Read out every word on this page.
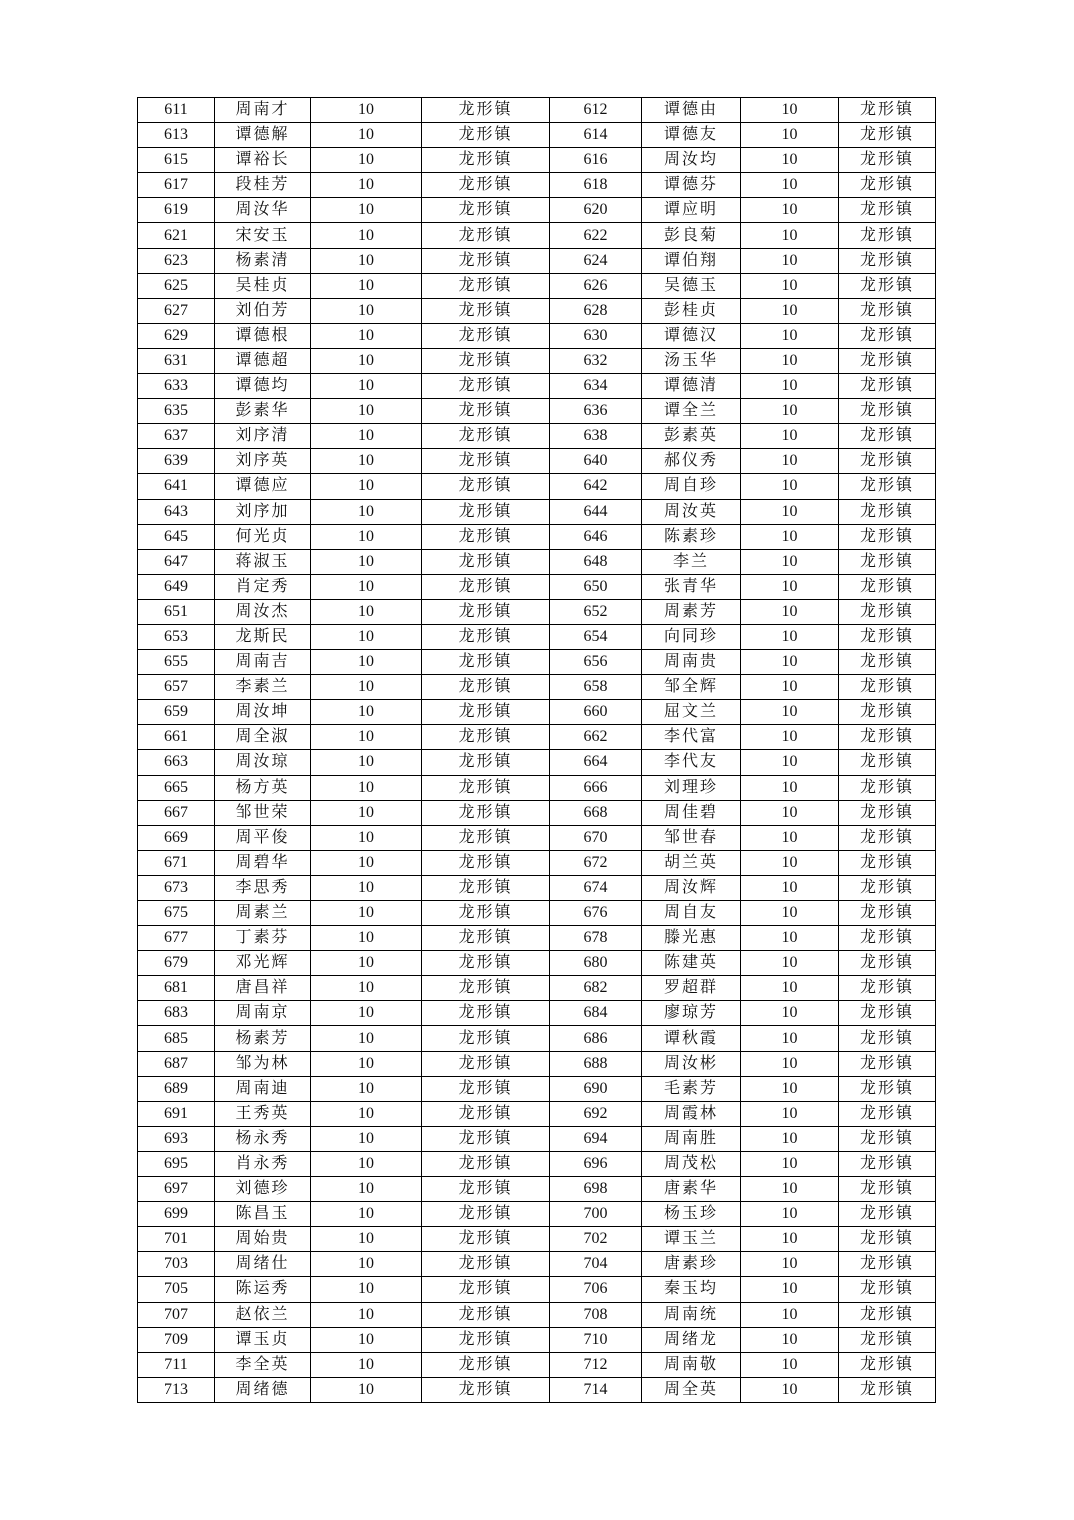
611	周南才	10	龙形镇	612	谭德由	10	龙形镇
613	谭德解	10	龙形镇	614	谭德友	10	龙形镇
615	谭裕长	10	龙形镇	616	周汝均	10	龙形镇
617	段桂芳	10	龙形镇	618	谭德芬	10	龙形镇
619	周汝华	10	龙形镇	620	谭应明	10	龙形镇
621	宋安玉	10	龙形镇	622	彭良菊	10	龙形镇
623	杨素清	10	龙形镇	624	谭伯翔	10	龙形镇
625	吴桂贞	10	龙形镇	626	吴德玉	10	龙形镇
627	刘伯芳	10	龙形镇	628	彭桂贞	10	龙形镇
629	谭德根	10	龙形镇	630	谭德汉	10	龙形镇
631	谭德超	10	龙形镇	632	汤玉华	10	龙形镇
633	谭德均	10	龙形镇	634	谭德清	10	龙形镇
635	彭素华	10	龙形镇	636	谭全兰	10	龙形镇
637	刘序清	10	龙形镇	638	彭素英	10	龙形镇
639	刘序英	10	龙形镇	640	郝仪秀	10	龙形镇
641	谭德应	10	龙形镇	642	周自珍	10	龙形镇
643	刘序加	10	龙形镇	644	周汝英	10	龙形镇
645	何光贞	10	龙形镇	646	陈素珍	10	龙形镇
647	蒋淑玉	10	龙形镇	648	李兰	10	龙形镇
649	肖定秀	10	龙形镇	650	张青华	10	龙形镇
651	周汝杰	10	龙形镇	652	周素芳	10	龙形镇
653	龙斯民	10	龙形镇	654	向同珍	10	龙形镇
655	周南吉	10	龙形镇	656	周南贵	10	龙形镇
657	李素兰	10	龙形镇	658	邹全辉	10	龙形镇
659	周汝坤	10	龙形镇	660	屈文兰	10	龙形镇
661	周全淑	10	龙形镇	662	李代富	10	龙形镇
663	周汝琼	10	龙形镇	664	李代友	10	龙形镇
665	杨方英	10	龙形镇	666	刘理珍	10	龙形镇
667	邹世荣	10	龙形镇	668	周佳碧	10	龙形镇
669	周平俊	10	龙形镇	670	邹世春	10	龙形镇
671	周碧华	10	龙形镇	672	胡兰英	10	龙形镇
673	李思秀	10	龙形镇	674	周汝辉	10	龙形镇
675	周素兰	10	龙形镇	676	周自友	10	龙形镇
677	丁素芬	10	龙形镇	678	滕光惠	10	龙形镇
679	邓光辉	10	龙形镇	680	陈建英	10	龙形镇
681	唐昌祥	10	龙形镇	682	罗超群	10	龙形镇
683	周南京	10	龙形镇	684	廖琼芳	10	龙形镇
685	杨素芳	10	龙形镇	686	谭秋霞	10	龙形镇
687	邹为林	10	龙形镇	688	周汝彬	10	龙形镇
689	周南迪	10	龙形镇	690	毛素芳	10	龙形镇
691	王秀英	10	龙形镇	692	周霞林	10	龙形镇
693	杨永秀	10	龙形镇	694	周南胜	10	龙形镇
695	肖永秀	10	龙形镇	696	周茂松	10	龙形镇
697	刘德珍	10	龙形镇	698	唐素华	10	龙形镇
699	陈昌玉	10	龙形镇	700	杨玉珍	10	龙形镇
701	周始贵	10	龙形镇	702	谭玉兰	10	龙形镇
703	周绪仕	10	龙形镇	704	唐素珍	10	龙形镇
705	陈运秀	10	龙形镇	706	秦玉均	10	龙形镇
707	赵依兰	10	龙形镇	708	周南统	10	龙形镇
709	谭玉贞	10	龙形镇	710	周绪龙	10	龙形镇
711	李全英	10	龙形镇	712	周南敬	10	龙形镇
713	周绪德	10	龙形镇	714	周全英	10	龙形镇
